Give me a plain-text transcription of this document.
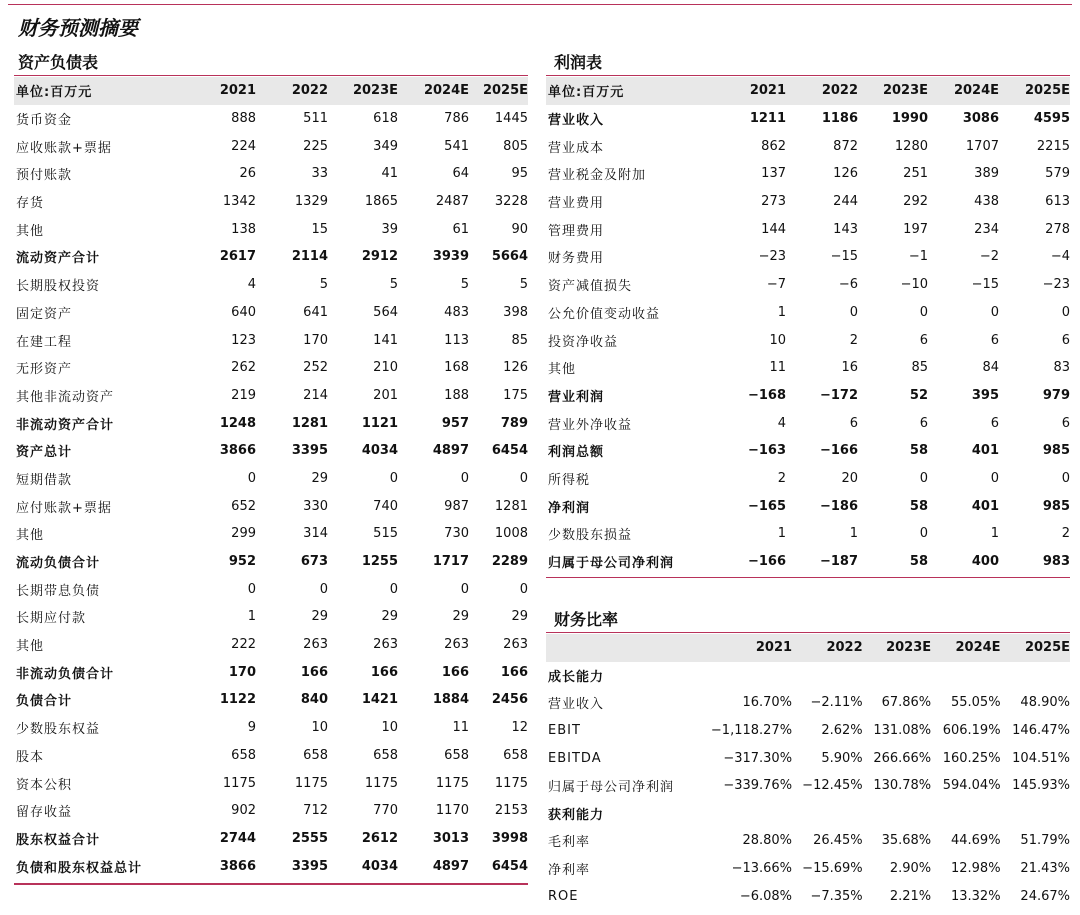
财务预测摘要
资产负债表
单位:百万元	2021	2022	2023E	2024E	2025E
货币资金	888	511	618	786	1445
应收账款+票据	224	225	349	541	805
预付账款	26	33	41	64	95
存货	1342	1329	1865	2487	3228
其他	138	15	39	61	90
流动资产合计	2617	2114	2912	3939	5664
长期股权投资	4	5	5	5	5
固定资产	640	641	564	483	398
在建工程	123	170	141	113	85
无形资产	262	252	210	168	126
其他非流动资产	219	214	201	188	175
非流动资产合计	1248	1281	1121	957	789
资产总计	3866	3395	4034	4897	6454
短期借款	0	29	0	0	0
应付账款+票据	652	330	740	987	1281
其他	299	314	515	730	1008
流动负债合计	952	673	1255	1717	2289
长期带息负债	0	0	0	0	0
长期应付款	1	29	29	29	29
其他	222	263	263	263	263
非流动负债合计	170	166	166	166	166
负债合计	1122	840	1421	1884	2456
少数股东权益	9	10	10	11	12
股本	658	658	658	658	658
资本公积	1175	1175	1175	1175	1175
留存收益	902	712	770	1170	2153
股东权益合计	2744	2555	2612	3013	3998
负债和股东权益总计	3866	3395	4034	4897	6454
利润表
单位:百万元	2021	2022	2023E	2024E	2025E
营业收入	1211	1186	1990	3086	4595
营业成本	862	872	1280	1707	2215
营业税金及附加	137	126	251	389	579
营业费用	273	244	292	438	613
管理费用	144	143	197	234	278
财务费用	−23	−15	−1	−2	−4
资产减值损失	−7	−6	−10	−15	−23
公允价值变动收益	1	0	0	0	0
投资净收益	10	2	6	6	6
其他	11	16	85	84	83
营业利润	−168	−172	52	395	979
营业外净收益	4	6	6	6	6
利润总额	−163	−166	58	401	985
所得税	2	20	0	0	0
净利润	−165	−186	58	401	985
少数股东损益	1	1	0	1	2
归属于母公司净利润	−166	−187	58	400	983
财务比率
	2021	2022	2023E	2024E	2025E
成长能力					
营业收入	16.70%	−2.11%	67.86%	55.05%	48.90%
EBIT	−1,118.27%	2.62%	131.08%	606.19%	146.47%
EBITDA	−317.30%	5.90%	266.66%	160.25%	104.51%
归属于母公司净利润	−339.76%	−12.45%	130.78%	594.04%	145.93%
获利能力					
毛利率	28.80%	26.45%	35.68%	44.69%	51.79%
净利率	−13.66%	−15.69%	2.90%	12.98%	21.43%
ROE	−6.08%	−7.35%	2.21%	13.32%	24.67%
